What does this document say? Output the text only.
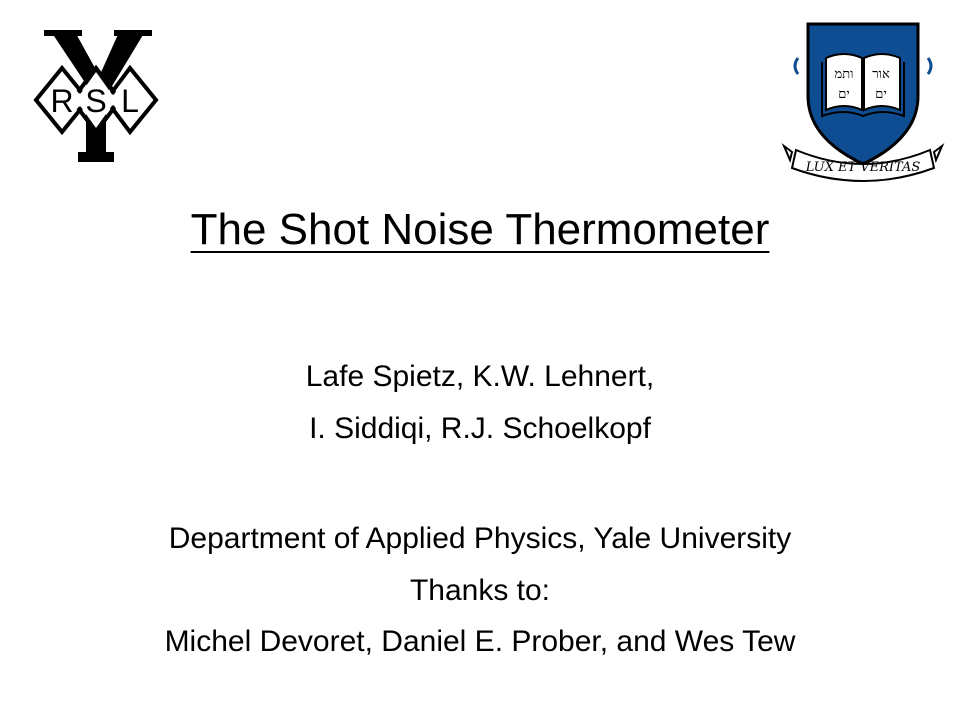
R S L
אור
ותמ
ים
ים
LUX ET VERITAS
The Shot Noise Thermometer
Lafe Spietz, K.W. Lehnert,
I. Siddiqi, R.J. Schoelkopf
Department of Applied Physics, Yale University
Thanks to:
Michel Devoret, Daniel E. Prober, and Wes Tew
